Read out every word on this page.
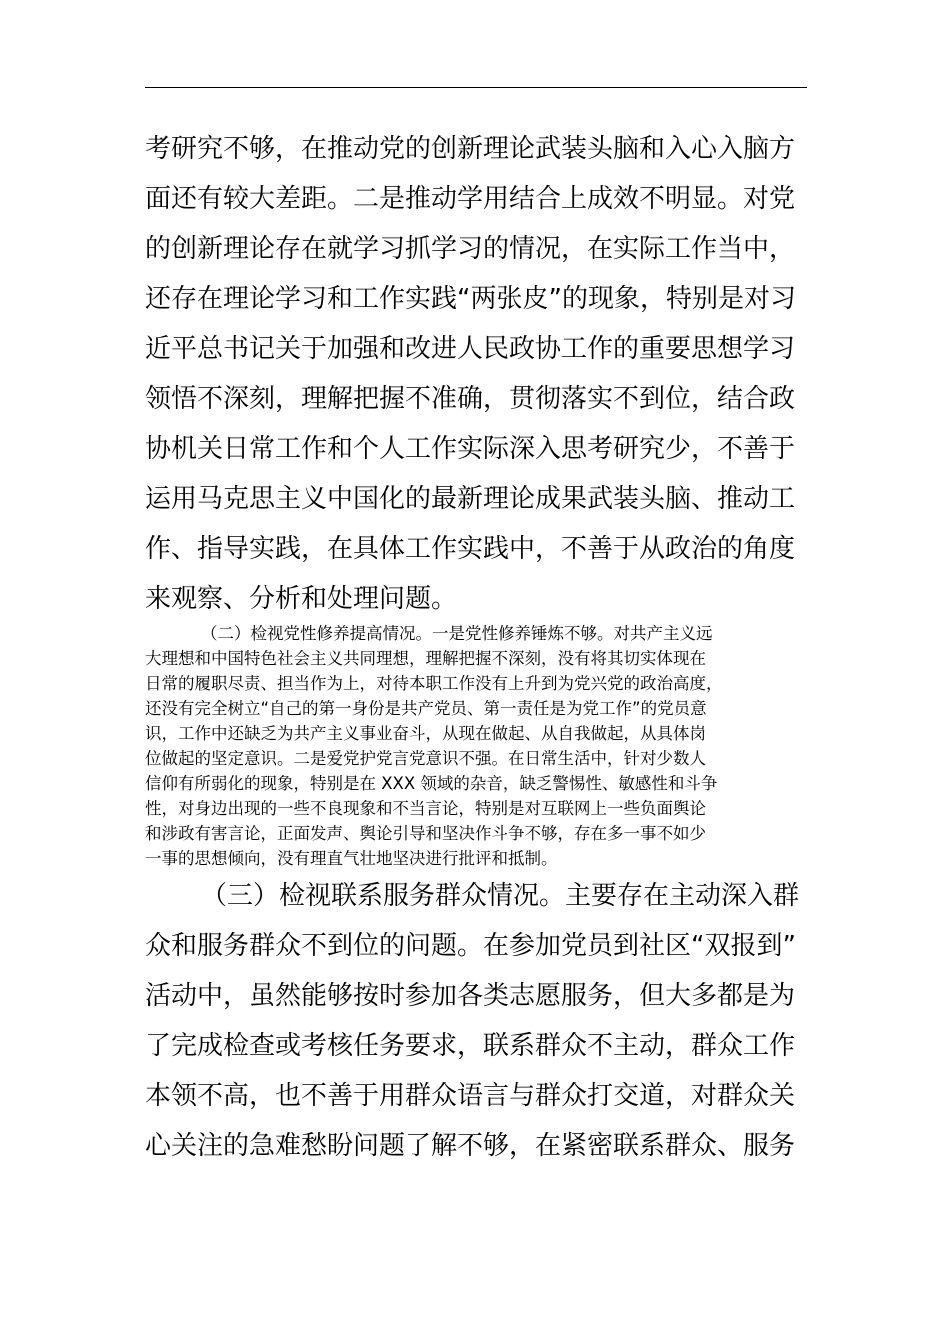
考研究不够，在推动党的创新理论武装头脑和入心入脑方
面还有较大差距。二是推动学用结合上成效不明显。对党
的创新理论存在就学习抓学习的情况，在实际工作当中，
还存在理论学习和工作实践“两张皮”的现象，特别是对习
近平总书记关于加强和改进人民政协工作的重要思想学习
领悟不深刻，理解把握不准确，贯彻落实不到位，结合政
协机关日常工作和个人工作实际深入思考研究少，不善于
运用马克思主义中国化的最新理论成果武装头脑、推动工
作、指导实践，在具体工作实践中，不善于从政治的角度
来观察、分析和处理问题。
（二）检视党性修养提高情况。一是党性修养锤炼不够。对共产主义远
大理想和中国特色社会主义共同理想，理解把握不深刻，没有将其切实体现在
日常的履职尽责、担当作为上，对待本职工作没有上升到为党兴党的政治高度，
还没有完全树立“自己的第一身份是共产党员、第一责任是为党工作”的党员意
识，工作中还缺乏为共产主义事业奋斗，从现在做起、从自我做起，从具体岗
位做起的坚定意识。二是爱党护党言党意识不强。在日常生活中，针对少数人
信仰有所弱化的现象，特别是在 XXX 领域的杂音，缺乏警惕性、敏感性和斗争
性，对身边出现的一些不良现象和不当言论，特别是对互联网上一些负面舆论
和涉政有害言论，正面发声、舆论引导和坚决作斗争不够，存在多一事不如少
一事的思想倾向，没有理直气壮地坚决进行批评和抵制。
（三）检视联系服务群众情况。主要存在主动深入群
众和服务群众不到位的问题。在参加党员到社区“双报到”
活动中，虽然能够按时参加各类志愿服务，但大多都是为
了完成检查或考核任务要求，联系群众不主动，群众工作
本领不高，也不善于用群众语言与群众打交道，对群众关
心关注的急难愁盼问题了解不够，在紧密联系群众、服务
